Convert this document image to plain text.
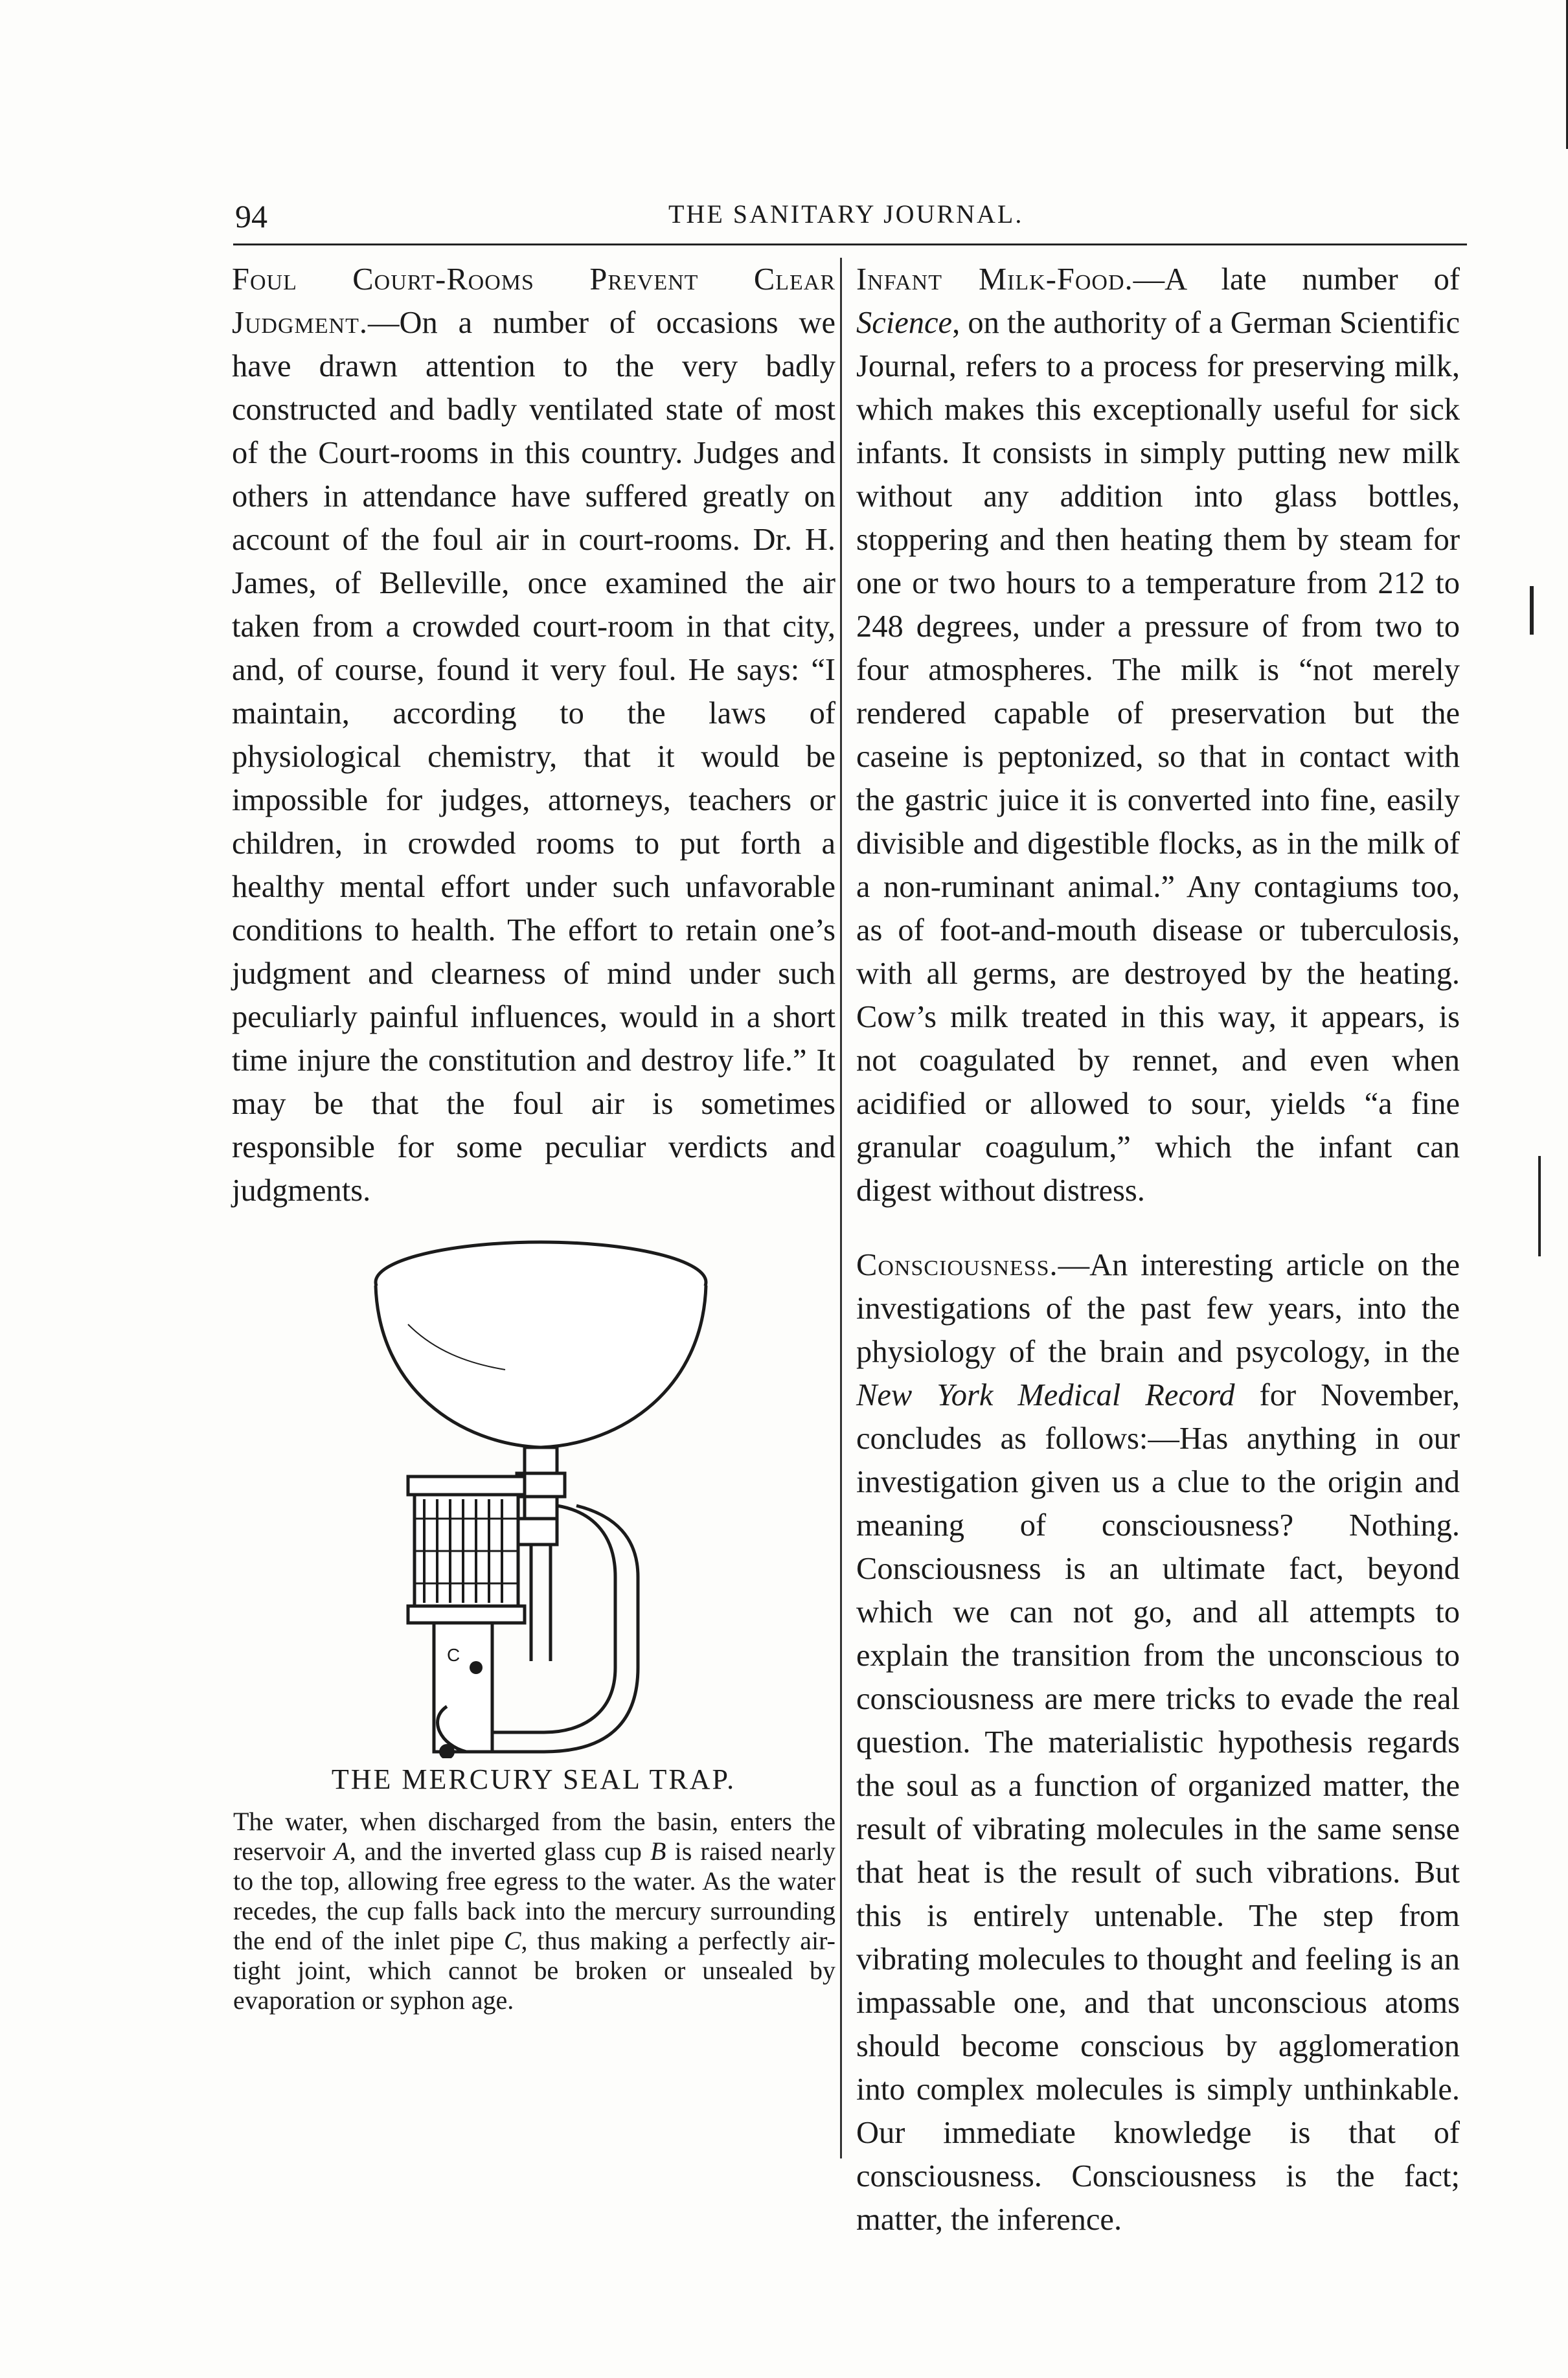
94	THE SANITARY JOURNAL.

Foul Court-Rooms Prevent Clear Judgment.—On a number of occasions we have drawn attention to the very badly constructed and badly ventilated state of most of the Court-rooms in this country. Judges and others in attendance have suffered greatly on account of the foul air in court-rooms. Dr. H. James, of Belleville, once examined the air taken from a crowded court-room in that city, and, of course, found it very foul. He says: “I maintain, according to the laws of physiological chemistry, that it would be impossible for judges, attorneys, teachers or children, in crowded rooms to put forth a healthy mental effort under such unfavorable conditions to health. The effort to retain one’s judgment and clearness of mind under such peculiarly painful influences, would in a short time injure the constitution and destroy life.” It may be that the foul air is sometimes responsible for some peculiar verdicts and judgments.

C
THE MERCURY SEAL TRAP.
The water, when discharged from the basin, enters the reservoir A, and the inverted glass cup B is raised nearly to the top, allowing free egress to the water. As the water recedes, the cup falls back into the mercury surrounding the end of the inlet pipe C, thus making a perfectly air-tight joint, which cannot be broken or unsealed by evaporation or syphon age.

Infant Milk-Food.—A late number of Science, on the authority of a German Scientific Journal, refers to a process for preserving milk, which makes this exceptionally useful for sick infants. It consists in simply putting new milk without any addition into glass bottles, stoppering and then heating them by steam for one or two hours to a temperature from 212 to 248 degrees, under a pressure of from two to four atmospheres. The milk is “not merely rendered capable of preservation but the caseine is peptonized, so that in contact with the gastric juice it is converted into fine, easily divisible and digestible flocks, as in the milk of a non-ruminant animal.” Any contagiums too, as of foot-and-mouth disease or tuberculosis, with all germs, are destroyed by the heating. Cow’s milk treated in this way, it appears, is not coagulated by rennet, and even when acidified or allowed to sour, yields “a fine granular coagulum,” which the infant can digest without distress.

Consciousness.—An interesting article on the investigations of the past few years, into the physiology of the brain and psycology, in the New York Medical Record for November, concludes as follows:—Has anything in our investigation given us a clue to the origin and meaning of consciousness? Nothing. Consciousness is an ultimate fact, beyond which we can not go, and all attempts to explain the transition from the unconscious to consciousness are mere tricks to evade the real question. The materialistic hypothesis regards the soul as a function of organized matter, the result of vibrating molecules in the same sense that heat is the result of such vibrations. But this is entirely untenable. The step from vibrating molecules to thought and feeling is an impassable one, and that unconscious atoms should become conscious by agglomeration into complex molecules is simply unthinkable. Our immediate knowledge is that of consciousness. Consciousness is the fact; matter, the inference.
